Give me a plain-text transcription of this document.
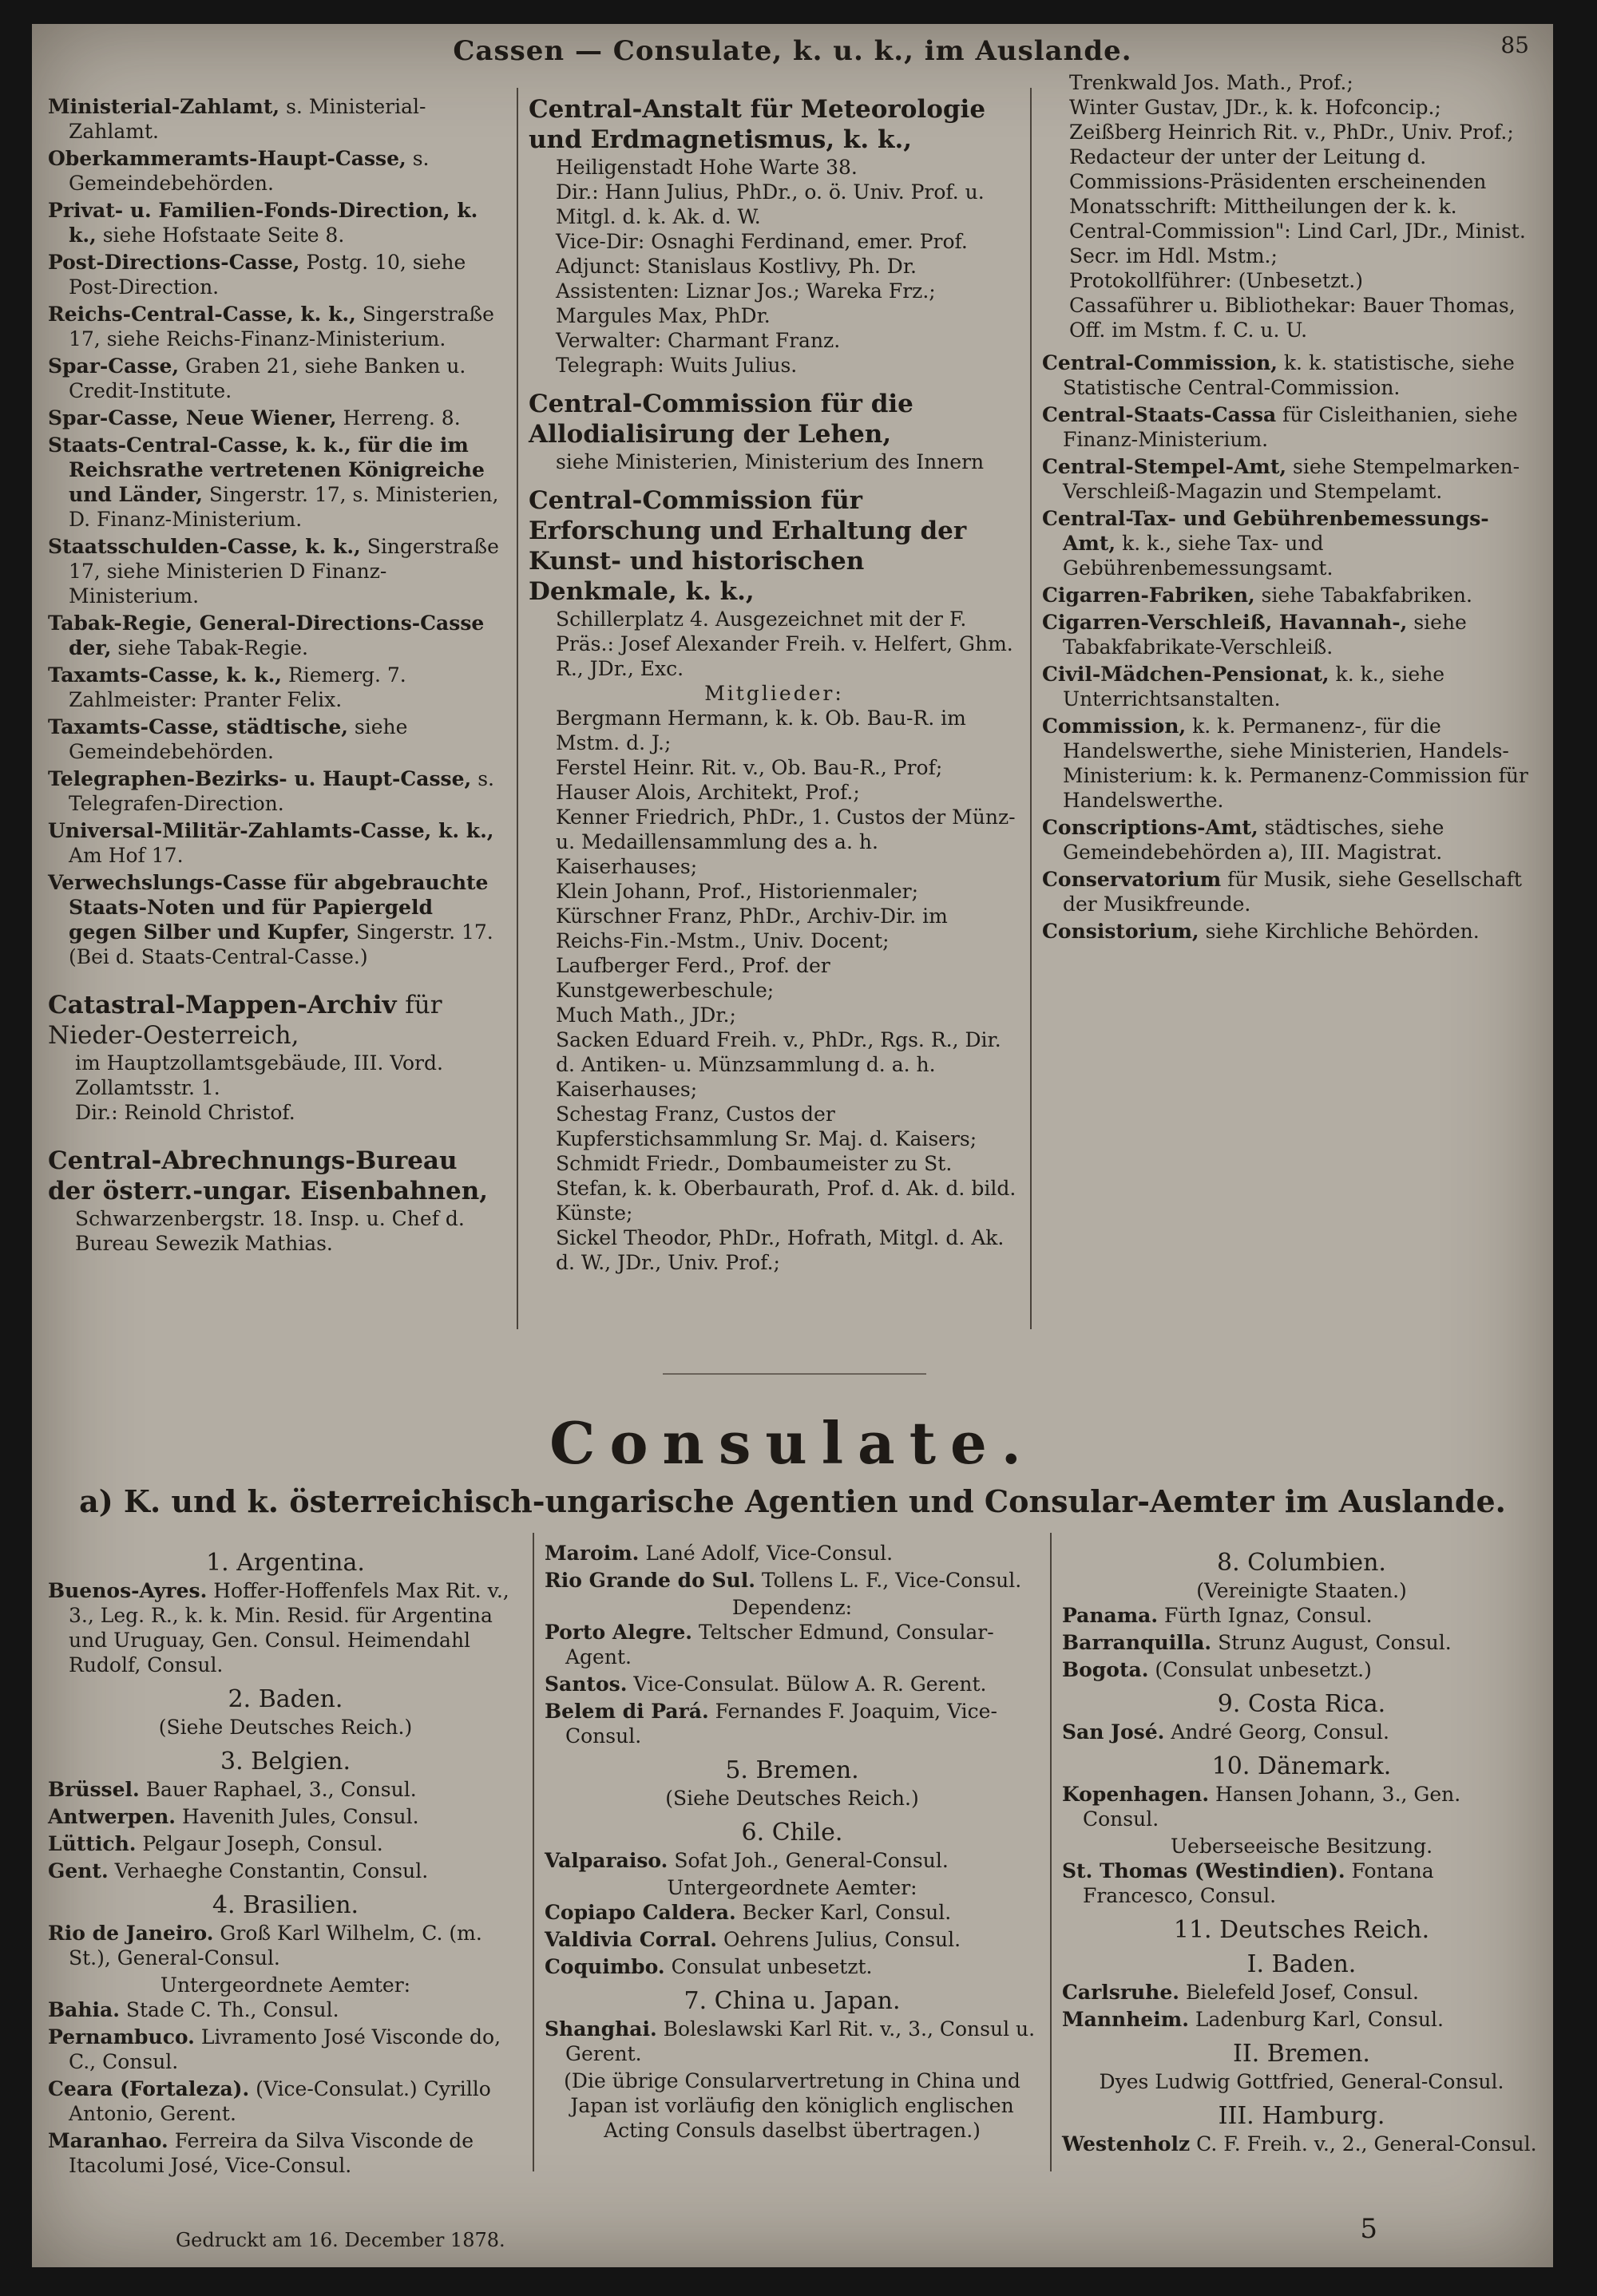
Cassen — Consulate, k. u. k., im Auslande.	85
Ministerial-Zahlamt, s. Ministerial-Zahlamt.
Oberkammeramts-Haupt-Casse, s. Gemeindebehörden.
Privat- u. Familien-Fonds-Direction, k. k., siehe Hofstaate Seite 8.
Post-Directions-Casse, Postg. 10, siehe Post-Direction.
Reichs-Central-Casse, k. k., Singerstraße 17, siehe Reichs-Finanz-Ministerium.
Spar-Casse, Graben 21, siehe Banken u. Credit-Institute.
Spar-Casse, Neue Wiener, Herreng. 8.
Staats-Central-Casse, k. k., für die im Reichsrathe vertretenen Königreiche und Länder, Singerstr. 17, s. Ministerien, D. Finanz-Ministerium.
Staatsschulden-Casse, k. k., Singerstraße 17, siehe Ministerien D Finanz-Ministerium.
Tabak-Regie, General-Directions-Casse der, siehe Tabak-Regie.
Taxamts-Casse, k. k., Riemerg. 7. Zahlmeister: Pranter Felix.
Taxamts-Casse, städtische, siehe Gemeindebehörden.
Telegraphen-Bezirks- u. Haupt-Casse, s. Telegrafen-Direction.
Universal-Militär-Zahlamts-Casse, k. k., Am Hof 17.
Verwechslungs-Casse für abgebrauchte Staats-Noten und für Papiergeld gegen Silber und Kupfer, Singerstr. 17. (Bei d. Staats-Central-Casse.)
Catastral-Mappen-Archiv für Nieder-Oesterreich,
im Hauptzollamtsgebäude, III. Vord. Zollamtsstr. 1.
Dir.: Reinold Christof.
Central-Abrechnungs-Bureau der österr.-ungar. Eisenbahnen,
Schwarzenbergstr. 18. Insp. u. Chef d. Bureau Sewezik Mathias.
Central-Anstalt für Meteorologie und Erdmagnetismus, k. k.,
Heiligenstadt Hohe Warte 38.
Dir.: Hann Julius, PhDr., o. ö. Univ. Prof. u. Mitgl. d. k. Ak. d. W.
Vice-Dir: Osnaghi Ferdinand, emer. Prof.
Adjunct: Stanislaus Kostlivy, Ph. Dr.
Assistenten: Liznar Jos.; Wareka Frz.; Margules Max, PhDr.
Verwalter: Charmant Franz.
Telegraph: Wuits Julius.
Central-Commission für die Allodialisirung der Lehen,
siehe Ministerien, Ministerium des Innern
Central-Commission für Erforschung und Erhaltung der Kunst- und historischen Denkmale, k. k.,
Schillerplatz 4. Ausgezeichnet mit der F.
Präs.: Josef Alexander Freih. v. Helfert, Ghm. R., JDr., Exc.
Mitglieder:
Bergmann Hermann, k. k. Ob. Bau-R. im Mstm. d. J.;
Ferstel Heinr. Rit. v., Ob. Bau-R., Prof;
Hauser Alois, Architekt, Prof.;
Kenner Friedrich, PhDr., 1. Custos der Münz- u. Medaillensammlung des a. h. Kaiserhauses;
Klein Johann, Prof., Historienmaler;
Kürschner Franz, PhDr., Archiv-Dir. im Reichs-Fin.-Mstm., Univ. Docent;
Laufberger Ferd., Prof. der Kunstgewerbeschule;
Much Math., JDr.;
Sacken Eduard Freih. v., PhDr., Rgs. R., Dir. d. Antiken- u. Münzsammlung d. a. h. Kaiserhauses;
Schestag Franz, Custos der Kupferstichsammlung Sr. Maj. d. Kaisers;
Schmidt Friedr., Dombaumeister zu St. Stefan, k. k. Oberbaurath, Prof. d. Ak. d. bild. Künste;
Sickel Theodor, PhDr., Hofrath, Mitgl. d. Ak. d. W., JDr., Univ. Prof.;
Trenkwald Jos. Math., Prof.;
Winter Gustav, JDr., k. k. Hofconcip.;
Zeißberg Heinrich Rit. v., PhDr., Univ. Prof.;
Redacteur der unter der Leitung d. Commissions-Präsidenten erscheinenden Monatsschrift: Mittheilungen der k. k. Central-Commission": Lind Carl, JDr., Minist. Secr. im Hdl. Mstm.;
Protokollführer: (Unbesetzt.)
Cassaführer u. Bibliothekar: Bauer Thomas, Off. im Mstm. f. C. u. U.
Central-Commission, k. k. statistische, siehe Statistische Central-Commission.
Central-Staats-Cassa für Cisleithanien, siehe Finanz-Ministerium.
Central-Stempel-Amt, siehe Stempelmarken-Verschleiß-Magazin und Stempelamt.
Central-Tax- und Gebührenbemessungs-Amt, k. k., siehe Tax- und Gebührenbemessungsamt.
Cigarren-Fabriken, siehe Tabakfabriken.
Cigarren-Verschleiß, Havannah-, siehe Tabakfabrikate-Verschleiß.
Civil-Mädchen-Pensionat, k. k., siehe Unterrichtsanstalten.
Commission, k. k. Permanenz-, für die Handelswerthe, siehe Ministerien, Handels-Ministerium: k. k. Permanenz-Commission für Handelswerthe.
Conscriptions-Amt, städtisches, siehe Gemeindebehörden a), III. Magistrat.
Conservatorium für Musik, siehe Gesellschaft der Musikfreunde.
Consistorium, siehe Kirchliche Behörden.
Consulate.
a) K. und k. österreichisch-ungarische Agentien und Consular-Aemter im Auslande.
1. Argentina.
Buenos-Ayres. Hoffer-Hoffenfels Max Rit. v., 3., Leg. R., k. k. Min. Resid. für Argentina und Uruguay, Gen. Consul. Heimendahl Rudolf, Consul.
2. Baden.
(Siehe Deutsches Reich.)
3. Belgien.
Brüssel. Bauer Raphael, 3., Consul.
Antwerpen. Havenith Jules, Consul.
Lüttich. Pelgaur Joseph, Consul.
Gent. Verhaeghe Constantin, Consul.
4. Brasilien.
Rio de Janeiro. Groß Karl Wilhelm, C. (m. St.), General-Consul.
Untergeordnete Aemter:
Bahia. Stade C. Th., Consul.
Pernambuco. Livramento José Visconde do, C., Consul.
Ceara (Fortaleza). (Vice-Consulat.) Cyrillo Antonio, Gerent.
Maranhao. Ferreira da Silva Visconde de Itacolumi José, Vice-Consul.
Maroim. Lané Adolf, Vice-Consul.
Rio Grande do Sul. Tollens L. F., Vice-Consul.
Dependenz:
Porto Alegre. Teltscher Edmund, Consular-Agent.
Santos. Vice-Consulat. Bülow A. R. Gerent.
Belem di Pará. Fernandes F. Joaquim, Vice-Consul.
5. Bremen.
(Siehe Deutsches Reich.)
6. Chile.
Valparaiso. Sofat Joh., General-Consul.
Untergeordnete Aemter:
Copiapo Caldera. Becker Karl, Consul.
Valdivia Corral. Oehrens Julius, Consul.
Coquimbo. Consulat unbesetzt.
7. China u. Japan.
Shanghai. Boleslawski Karl Rit. v., 3., Consul u. Gerent.
(Die übrige Consularvertretung in China und Japan ist vorläufig den königlich englischen Acting Consuls daselbst übertragen.)
8. Columbien.
(Vereinigte Staaten.)
Panama. Fürth Ignaz, Consul.
Barranquilla. Strunz August, Consul.
Bogota. (Consulat unbesetzt.)
9. Costa Rica.
San José. André Georg, Consul.
10. Dänemark.
Kopenhagen. Hansen Johann, 3., Gen. Consul.
Ueberseeische Besitzung.
St. Thomas (Westindien). Fontana Francesco, Consul.
11. Deutsches Reich.
I. Baden.
Carlsruhe. Bielefeld Josef, Consul.
Mannheim. Ladenburg Karl, Consul.
II. Bremen.
Dyes Ludwig Gottfried, General-Consul.
III. Hamburg.
Westenholz C. F. Freih. v., 2., General-Consul.
Gedruckt am 16. December 1878.	5
